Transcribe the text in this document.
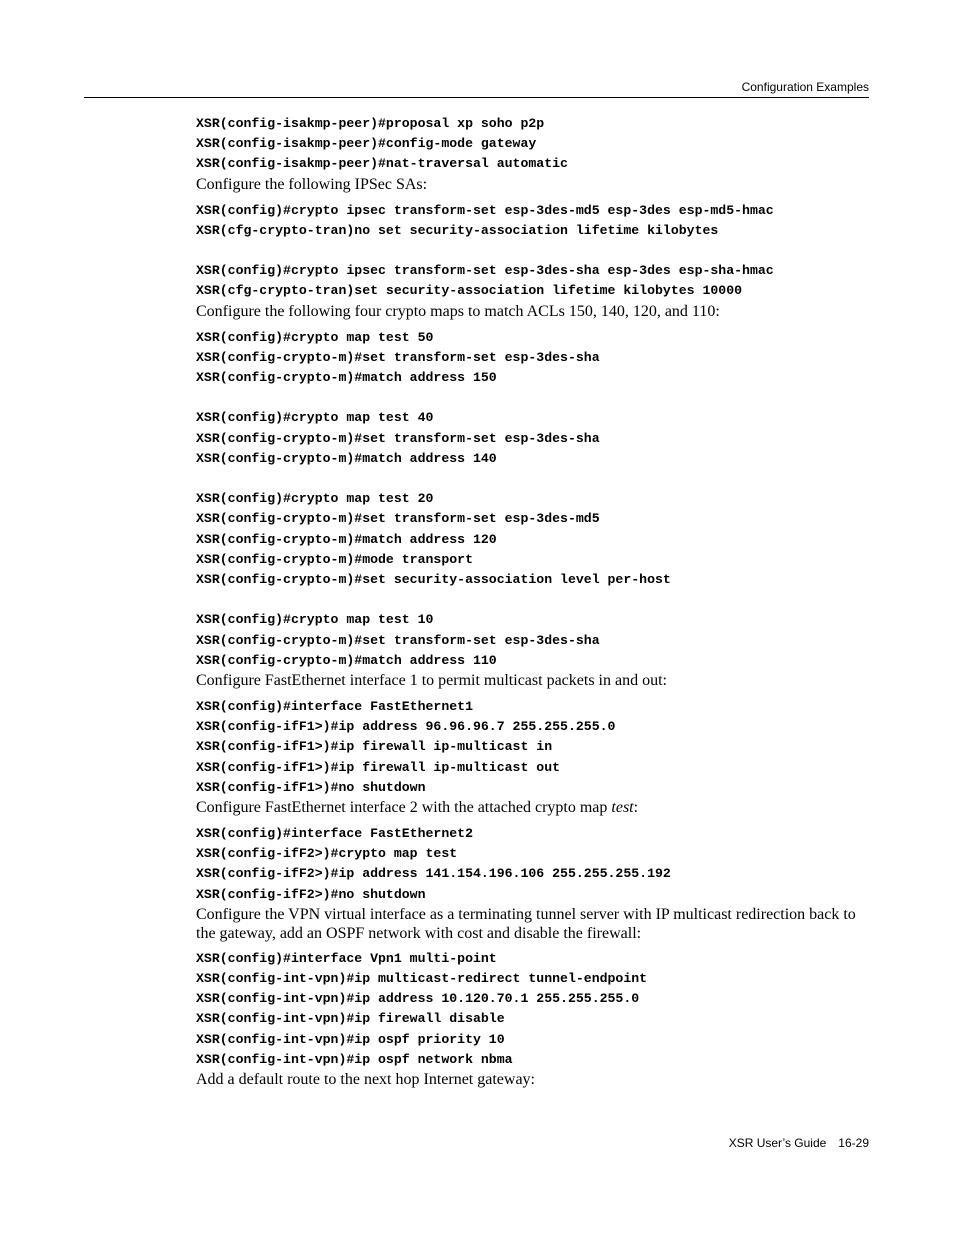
Configuration Examples
XSR(config-isakmp-peer)#proposal xp soho p2p
XSR(config-isakmp-peer)#config-mode gateway
XSR(config-isakmp-peer)#nat-traversal automatic

Configure the following IPSec SAs:

XSR(config)#crypto ipsec transform-set esp-3des-md5 esp-3des esp-md5-hmac
XSR(cfg-crypto-tran)no set security-association lifetime kilobytes
XSR(config)#crypto ipsec transform-set esp-3des-sha esp-3des esp-sha-hmac
XSR(cfg-crypto-tran)set security-association lifetime kilobytes 10000

Configure the following four crypto maps to match ACLs 150, 140, 120, and 110:

XSR(config)#crypto map test 50
XSR(config-crypto-m)#set transform-set esp-3des-sha
XSR(config-crypto-m)#match address 150
XSR(config)#crypto map test 40
XSR(config-crypto-m)#set transform-set esp-3des-sha
XSR(config-crypto-m)#match address 140
XSR(config)#crypto map test 20
XSR(config-crypto-m)#set transform-set esp-3des-md5
XSR(config-crypto-m)#match address 120
XSR(config-crypto-m)#mode transport
XSR(config-crypto-m)#set security-association level per-host
XSR(config)#crypto map test 10
XSR(config-crypto-m)#set transform-set esp-3des-sha
XSR(config-crypto-m)#match address 110

Configure FastEthernet interface 1 to permit multicast packets in and out:

XSR(config)#interface FastEthernet1
XSR(config-ifF1>)#ip address 96.96.96.7 255.255.255.0
XSR(config-ifF1>)#ip firewall ip-multicast in
XSR(config-ifF1>)#ip firewall ip-multicast out
XSR(config-ifF1>)#no shutdown

Configure FastEthernet interface 2 with the attached crypto map test:

XSR(config)#interface FastEthernet2
XSR(config-ifF2>)#crypto map test
XSR(config-ifF2>)#ip address 141.154.196.106 255.255.255.192
XSR(config-ifF2>)#no shutdown

Configure the VPN virtual interface as a terminating tunnel server with IP multicast redirection back to the gateway, add an OSPF network with cost and disable the firewall:

XSR(config)#interface Vpn1 multi-point
XSR(config-int-vpn)#ip multicast-redirect tunnel-endpoint
XSR(config-int-vpn)#ip address 10.120.70.1 255.255.255.0
XSR(config-int-vpn)#ip firewall disable
XSR(config-int-vpn)#ip ospf priority 10
XSR(config-int-vpn)#ip ospf network nbma

Add a default route to the next hop Internet gateway:

XSR User’s Guide 16-29
